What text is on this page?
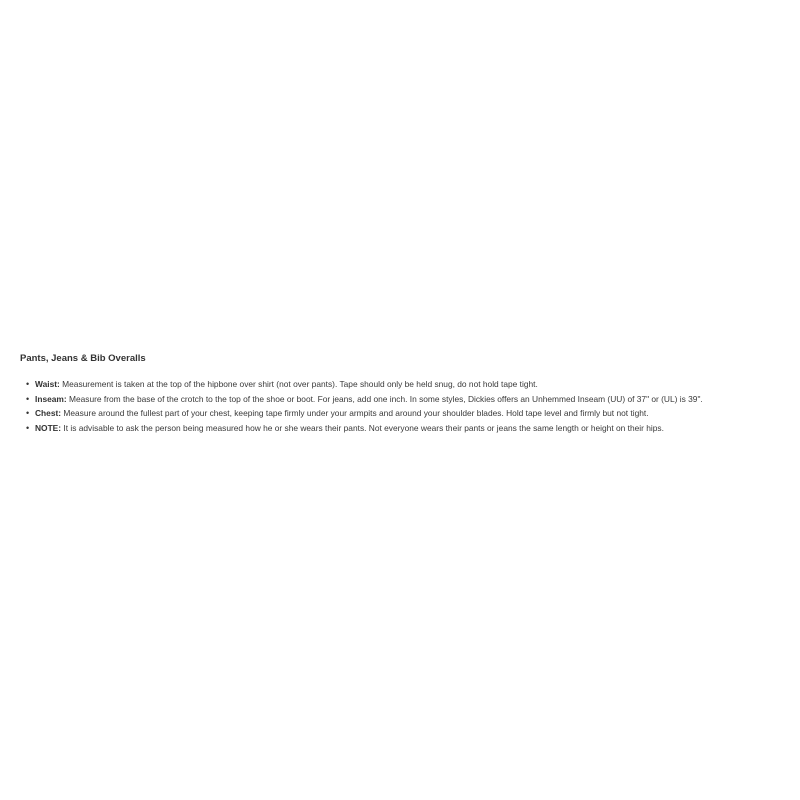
Pants, Jeans & Bib Overalls
• Waist: Measurement is taken at the top of the hipbone over shirt (not over pants). Tape should only be held snug, do not hold tape tight.
• Inseam: Measure from the base of the crotch to the top of the shoe or boot. For jeans, add one inch. In some styles, Dickies offers an Unhemmed Inseam (UU) of 37" or (UL) is 39".
• Chest: Measure around the fullest part of your chest, keeping tape firmly under your armpits and around your shoulder blades. Hold tape level and firmly but not tight.
• NOTE: It is advisable to ask the person being measured how he or she wears their pants. Not everyone wears their pants or jeans the same length or height on their hips.
